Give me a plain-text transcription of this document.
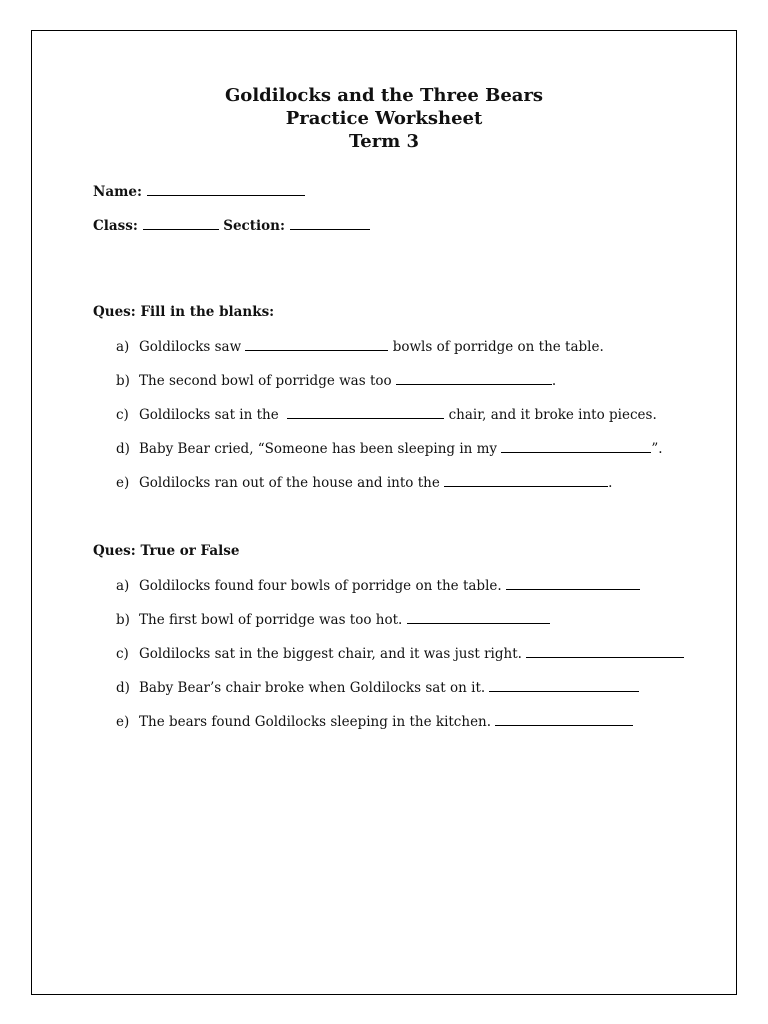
Goldilocks and the Three Bears
Practice Worksheet
Term 3
Name:
Class:	Section:
Ques: Fill in the blanks:
a) Goldilocks saw	bowls of porridge on the table.
b) The second bowl of porridge was too	.
c) Goldilocks sat in the	chair, and it broke into pieces.
d) Baby Bear cried, “Someone has been sleeping in my	”.
e) Goldilocks ran out of the house and into the	.
Ques: True or False
a) Goldilocks found four bowls of porridge on the table.
b) The first bowl of porridge was too hot.
c) Goldilocks sat in the biggest chair, and it was just right.
d) Baby Bear’s chair broke when Goldilocks sat on it.
e) The bears found Goldilocks sleeping in the kitchen.
